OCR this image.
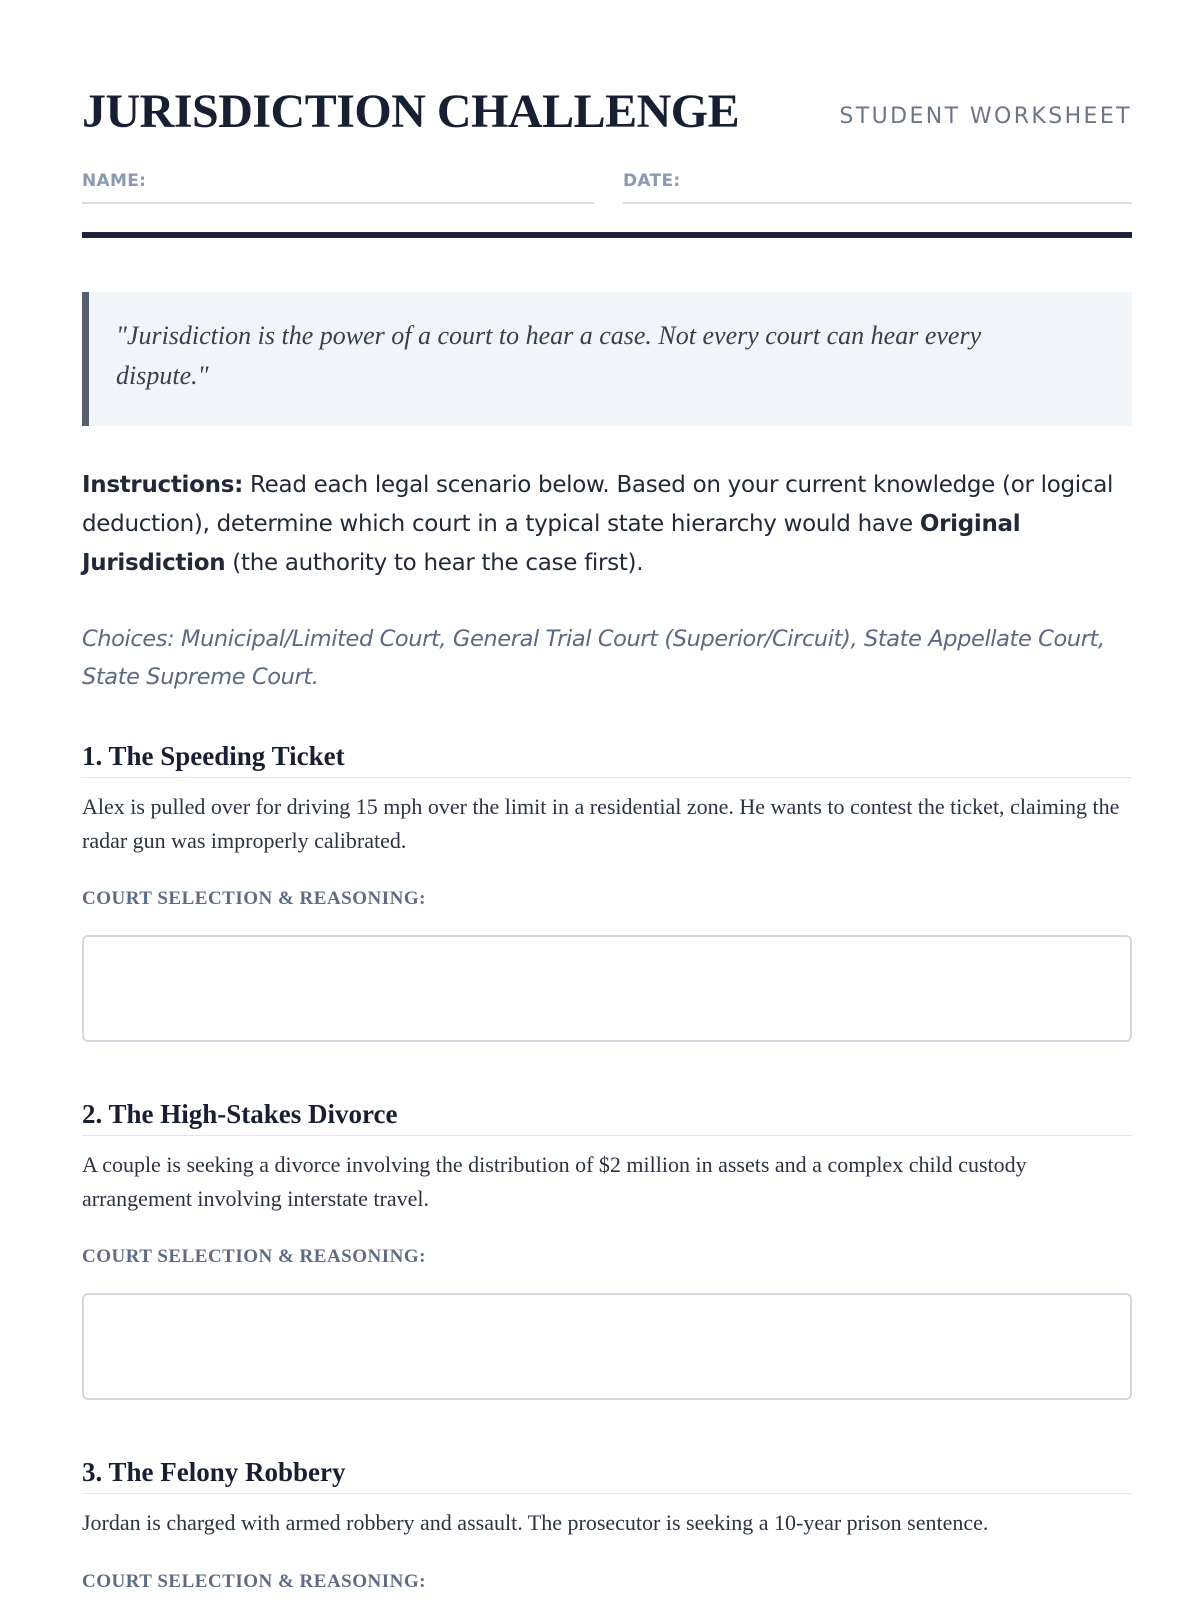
JURISDICTION CHALLENGE	STUDENT WORKSHEET
NAME:	DATE:

"Jurisdiction is the power of a court to hear a case. Not every court can hear every dispute."

Instructions: Read each legal scenario below. Based on your current knowledge (or logical deduction), determine which court in a typical state hierarchy would have Original Jurisdiction (the authority to hear the case first).

Choices: Municipal/Limited Court, General Trial Court (Superior/Circuit), State Appellate Court, State Supreme Court.

1. The Speeding Ticket

Alex is pulled over for driving 15 mph over the limit in a residential zone. He wants to contest the ticket, claiming the radar gun was improperly calibrated.

COURT SELECTION & REASONING:
2. The High-Stakes Divorce

A couple is seeking a divorce involving the distribution of $2 million in assets and a complex child custody arrangement involving interstate travel.

COURT SELECTION & REASONING:
3. The Felony Robbery

Jordan is charged with armed robbery and assault. The prosecutor is seeking a 10-year prison sentence.

COURT SELECTION & REASONING:
